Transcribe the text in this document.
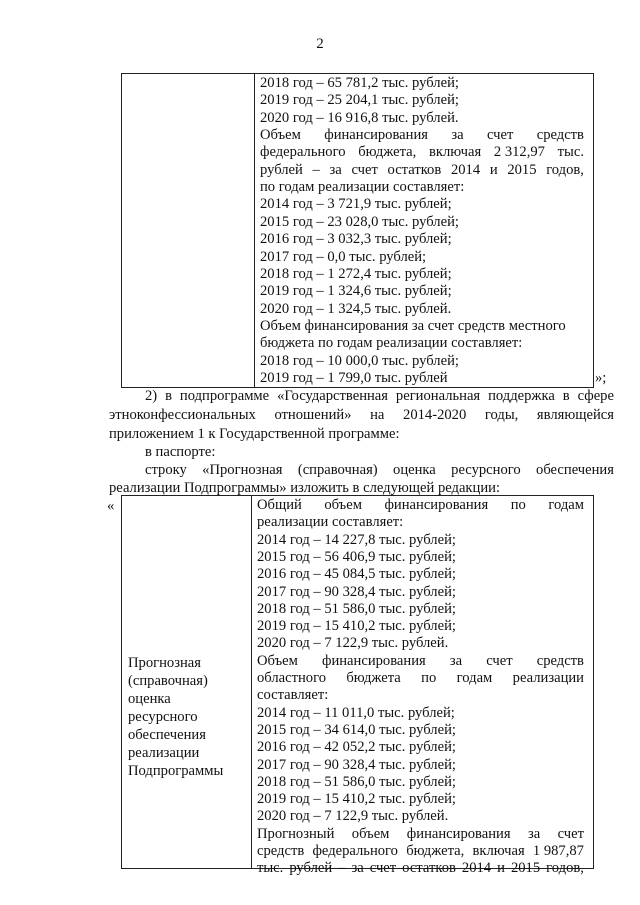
2
2018 год – 65 781,2 тыс. рублей;
2019 год – 25 204,1 тыс. рублей;
2020 год – 16 916,8 тыс. рублей.
Объем финансирования за счет средств
федерального бюджета, включая 2 312,97 тыс.
рублей – за счет остатков 2014 и 2015 годов,
по годам реализации составляет:
2014 год – 3 721,9 тыс. рублей;
2015 год – 23 028,0 тыс. рублей;
2016 год – 3 032,3 тыс. рублей;
2017 год – 0,0 тыс. рублей;
2018 год – 1 272,4 тыс. рублей;
2019 год – 1 324,6 тыс. рублей;
2020 год – 1 324,5 тыс. рублей.
Объем финансирования за счет средств местного
бюджета по годам реализации составляет:
2018 год – 10 000,0 тыс. рублей;
2019 год – 1 799,0 тыс. рублей	»;
2) в подпрограмме «Государственная региональная поддержка в сфере
этноконфессиональных отношений» на 2014-2020 годы, являющейся
приложением 1 к Государственной программе:
в паспорте:
строку «Прогнозная (справочная) оценка ресурсного обеспечения
реализации Подпрограммы» изложить в следующей редакции:
«
Прогнозная
(справочная)
оценка
ресурсного
обеспечения
реализации
Подпрограммы
Общий объем финансирования по годам
реализации составляет:
2014 год – 14 227,8 тыс. рублей;
2015 год – 56 406,9 тыс. рублей;
2016 год – 45 084,5 тыс. рублей;
2017 год – 90 328,4 тыс. рублей;
2018 год – 51 586,0 тыс. рублей;
2019 год – 15 410,2 тыс. рублей;
2020 год – 7 122,9 тыс. рублей.
Объем финансирования за счет средств
областного бюджета по годам реализации
составляет:
2014 год – 11 011,0 тыс. рублей;
2015 год – 34 614,0 тыс. рублей;
2016 год – 42 052,2 тыс. рублей;
2017 год – 90 328,4 тыс. рублей;
2018 год – 51 586,0 тыс. рублей;
2019 год – 15 410,2 тыс. рублей;
2020 год – 7 122,9 тыс. рублей.
Прогнозный объем финансирования за счет
средств федерального бюджета, включая 1 987,87
тыс. рублей – за счет остатков 2014 и 2015 годов,
